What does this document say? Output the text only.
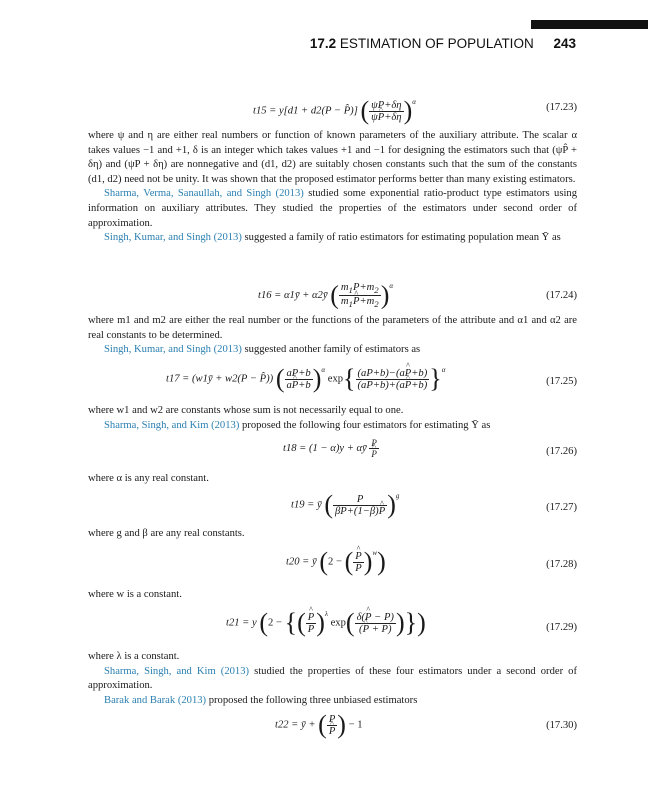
17.2 ESTIMATION OF POPULATION 243
t15 = y[d1 + d2(P − P̂)] ( $\frac{\psi P+\delta\eta}{\psi\^{} P+\delta\eta} )^\alpha$	(17.23)
where ψ and η are either real numbers or function of known parameters of the auxiliary attribute. The scalar α takes values −1 and +1, δ is an integer which takes values +1 and −1 for designing the estimators such that (ψP̂ + δη) and (ψP + δη) are nonnegative and (d1, d2) are suitably chosen constants such that the sum of the constants (d1, d2) need not be unity. It was shown that the proposed estimator performs better than many existing estimators.
Sharma, Verma, Sanaullah, and Singh (2013) studied some exponential ratio-product type estimators using information on auxiliary attributes. They studied the properties of the estimators under second order of approximation.
Singh, Kumar, and Singh (2013) suggested a family of ratio estimators for estimating population mean Ȳ as
t16 = α1ȳ + α2ȳ ( $\frac{m_1P+m_2}{m_1\^{} P+m_2} )^\alpha$
(17.24)
where m1 and m2 are either the real number or the functions of the parameters of the attribute and α1 and α2 are real constants to be determined.
Singh, Kumar, and Singh (2013) suggested another family of estimators as
t17 = (w1ȳ + w2(P − P̂)) ( $\frac{aP+b}{a\^{} P+b} )^\alpha$ $\exp\{ \frac{(aP+b)-(a\^{} P+b)}{(aP+b)+(a\^{} P+b)} \}^\alpha$
(17.25)
where w1 and w2 are constants whose sum is not necessarily equal to one.
Sharma, Singh, and Kim (2013) proposed the following four estimators for estimating Ȳ as
t18 = (1 − α)y + αȳ P
^ P	(17.26)
where α is any real constant.
t19 = ȳ ( $\frac{P}{\beta P+(1-\beta)\^{} P} )^g$
(17.27)
where g and β are any real constants.
t20 = ȳ (2 − ( ^ $\frac{P}{P} )^w$)	(17.28)
where w is a constant.
t21 = y (2 − {( ^ $\frac{P}{P} )^\lambda$ $\exp( \frac{\delta(\^{} P - P)}{(\^{} P + P)}$ )})	(17.29)
where λ is a constant.
Sharma, Singh, and Kim (2013) studied the properties of these four estimators under a second order of approximation.
Barak and Barak (2013) proposed the following three unbiased estimators
t22 = ȳ + ( P
^ P ) − 1	(17.30)
